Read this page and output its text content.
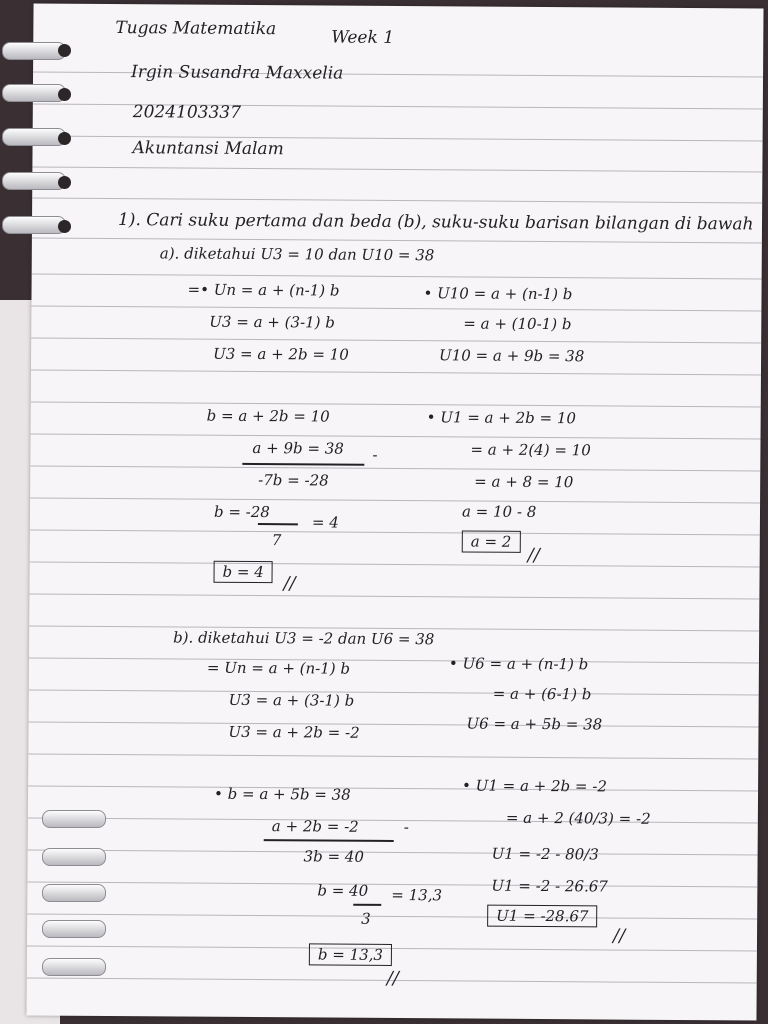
Tugas Matematika	Week 1
Irgin Susandra Maxxelia
2024103337
Akuntansi Malam
1). Cari suku pertama dan beda (b), suku-suku barisan bilangan di bawah
a). diketahui U3 = 10 dan U10 = 38
=• Un = a + (n-1) b
U3 = a + (3-1) b
U3 = a + 2b = 10
• U10 = a + (n-1) b
= a + (10-1) b
U10 = a + 9b = 38
b = a + 2b = 10
a + 9b = 38 -
-7b = -28
b = -28
7
= 4
b = 4
//
• U1 = a + 2b = 10
= a + 2(4) = 10
= a + 8 = 10
a = 10 - 8
a = 2
//
b). diketahui U3 = -2 dan U6 = 38
= Un = a + (n-1) b
U3 = a + (3-1) b
U3 = a + 2b = -2
• U6 = a + (n-1) b
= a + (6-1) b
U6 = a + 5b = 38
• b = a + 5b = 38
a + 2b = -2	-
3b = 40
b = 40
3
= 13,3
b = 13,3
//
• U1 = a + 2b = -2
= a + 2 (40/3) = -2
U1 = -2 - 80/3
U1 = -2 - 26.67
U1 = -28.67
//
